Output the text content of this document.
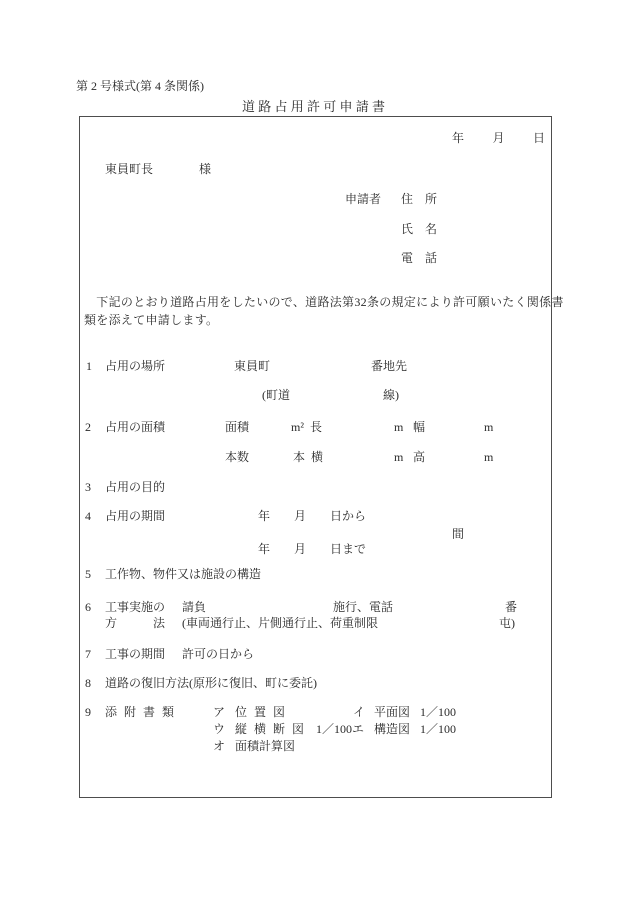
第 2 号様式(第 4 条関係)
道 路 占 用 許 可 申 請 書
年　　月　　日
東員町長	様
申請者 住　所
氏　名
電　話
　下記のとおり道路占用をしたいので、道路法第32条の規定により許可願いたく関係書
類を添えて申請します。
1 占用の場所	東員町	番地先
(町道	線)
2 占用の面積	面積	m² 長	m 幅	m
本数	本 横	m 高	m
3 占用の目的
4 占用の期間	年　　月　　日から
間
年　　月　　日まで
5 工作物、物件又は施設の構造
6 工事実施の 請負	施行、電話	番
方　　　法 (車両通行止、片側通行止、荷重制限	屯)
7 工事の期間 許可の日から
8 道路の復旧方法(原形に復旧、町に委託)
9 添 附 書 類	ア 位 置 図	イ 平面図 1／100
ウ 縦 横 断 図 1／100 エ 構造図 1／100
オ 面積計算図
